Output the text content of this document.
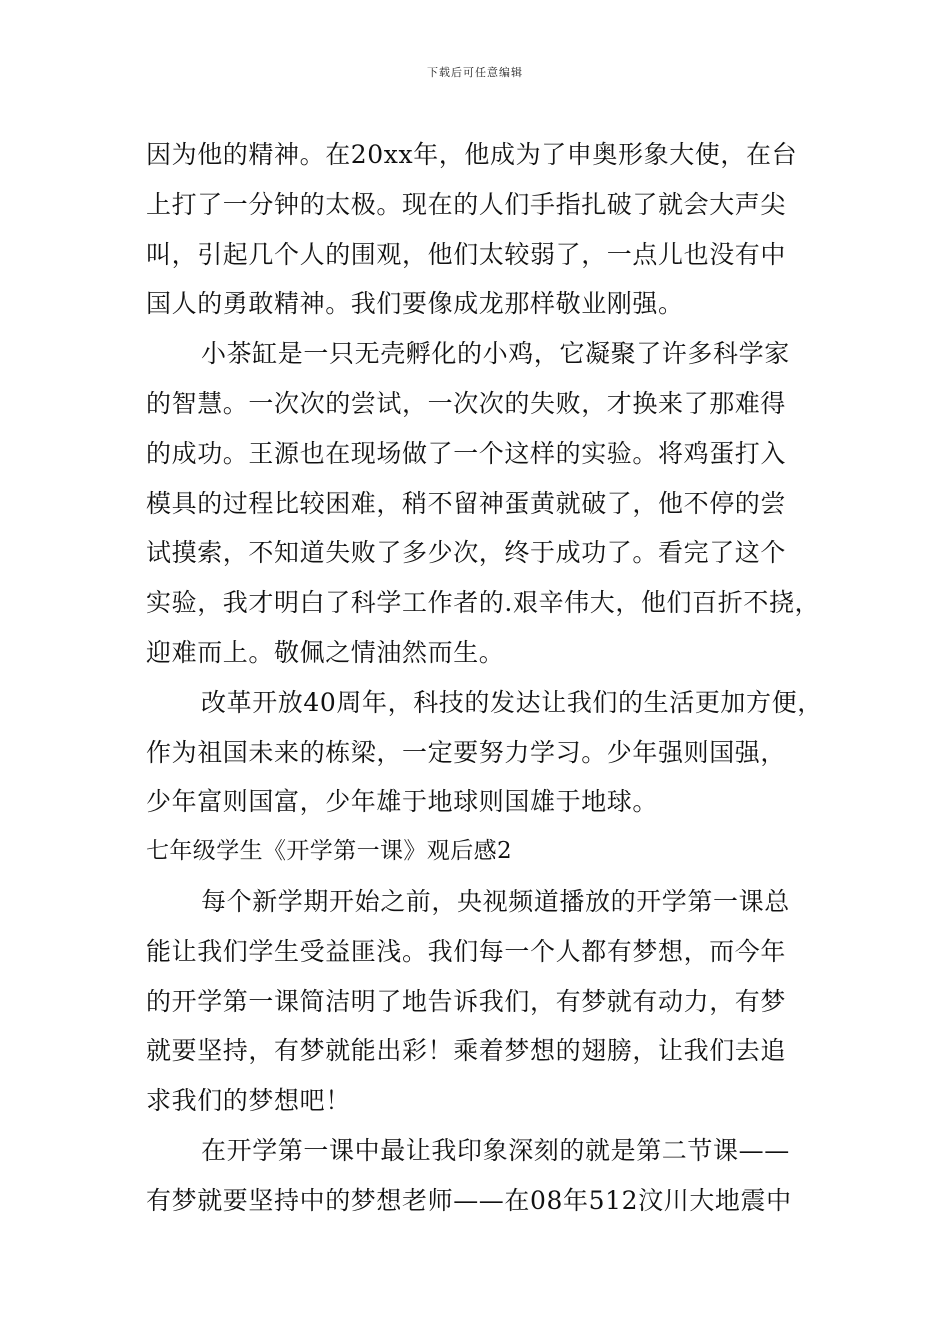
下载后可任意编辑
因为他的精神。在20xx年，他成为了申奥形象大使，在台
上打了一分钟的太极。现在的人们手指扎破了就会大声尖
叫，引起几个人的围观，他们太较弱了，一点儿也没有中
国人的勇敢精神。我们要像成龙那样敬业刚强。
小茶缸是一只无壳孵化的小鸡，它凝聚了许多科学家
的智慧。一次次的尝试，一次次的失败，才换来了那难得
的成功。王源也在现场做了一个这样的实验。将鸡蛋打入
模具的过程比较困难，稍不留神蛋黄就破了，他不停的尝
试摸索，不知道失败了多少次，终于成功了。看完了这个
实验，我才明白了科学工作者的.艰辛伟大，他们百折不挠，
迎难而上。敬佩之情油然而生。
改革开放40周年，科技的发达让我们的生活更加方便，
作为祖国未来的栋梁，一定要努力学习。少年强则国强，
少年富则国富，少年雄于地球则国雄于地球。
七年级学生《开学第一课》观后感2
每个新学期开始之前，央视频道播放的开学第一课总
能让我们学生受益匪浅。我们每一个人都有梦想，而今年
的开学第一课简洁明了地告诉我们，有梦就有动力，有梦
就要坚持，有梦就能出彩！乘着梦想的翅膀，让我们去追
求我们的梦想吧！
在开学第一课中最让我印象深刻的就是第二节课——
有梦就要坚持中的梦想老师——在08年512汶川大地震中
